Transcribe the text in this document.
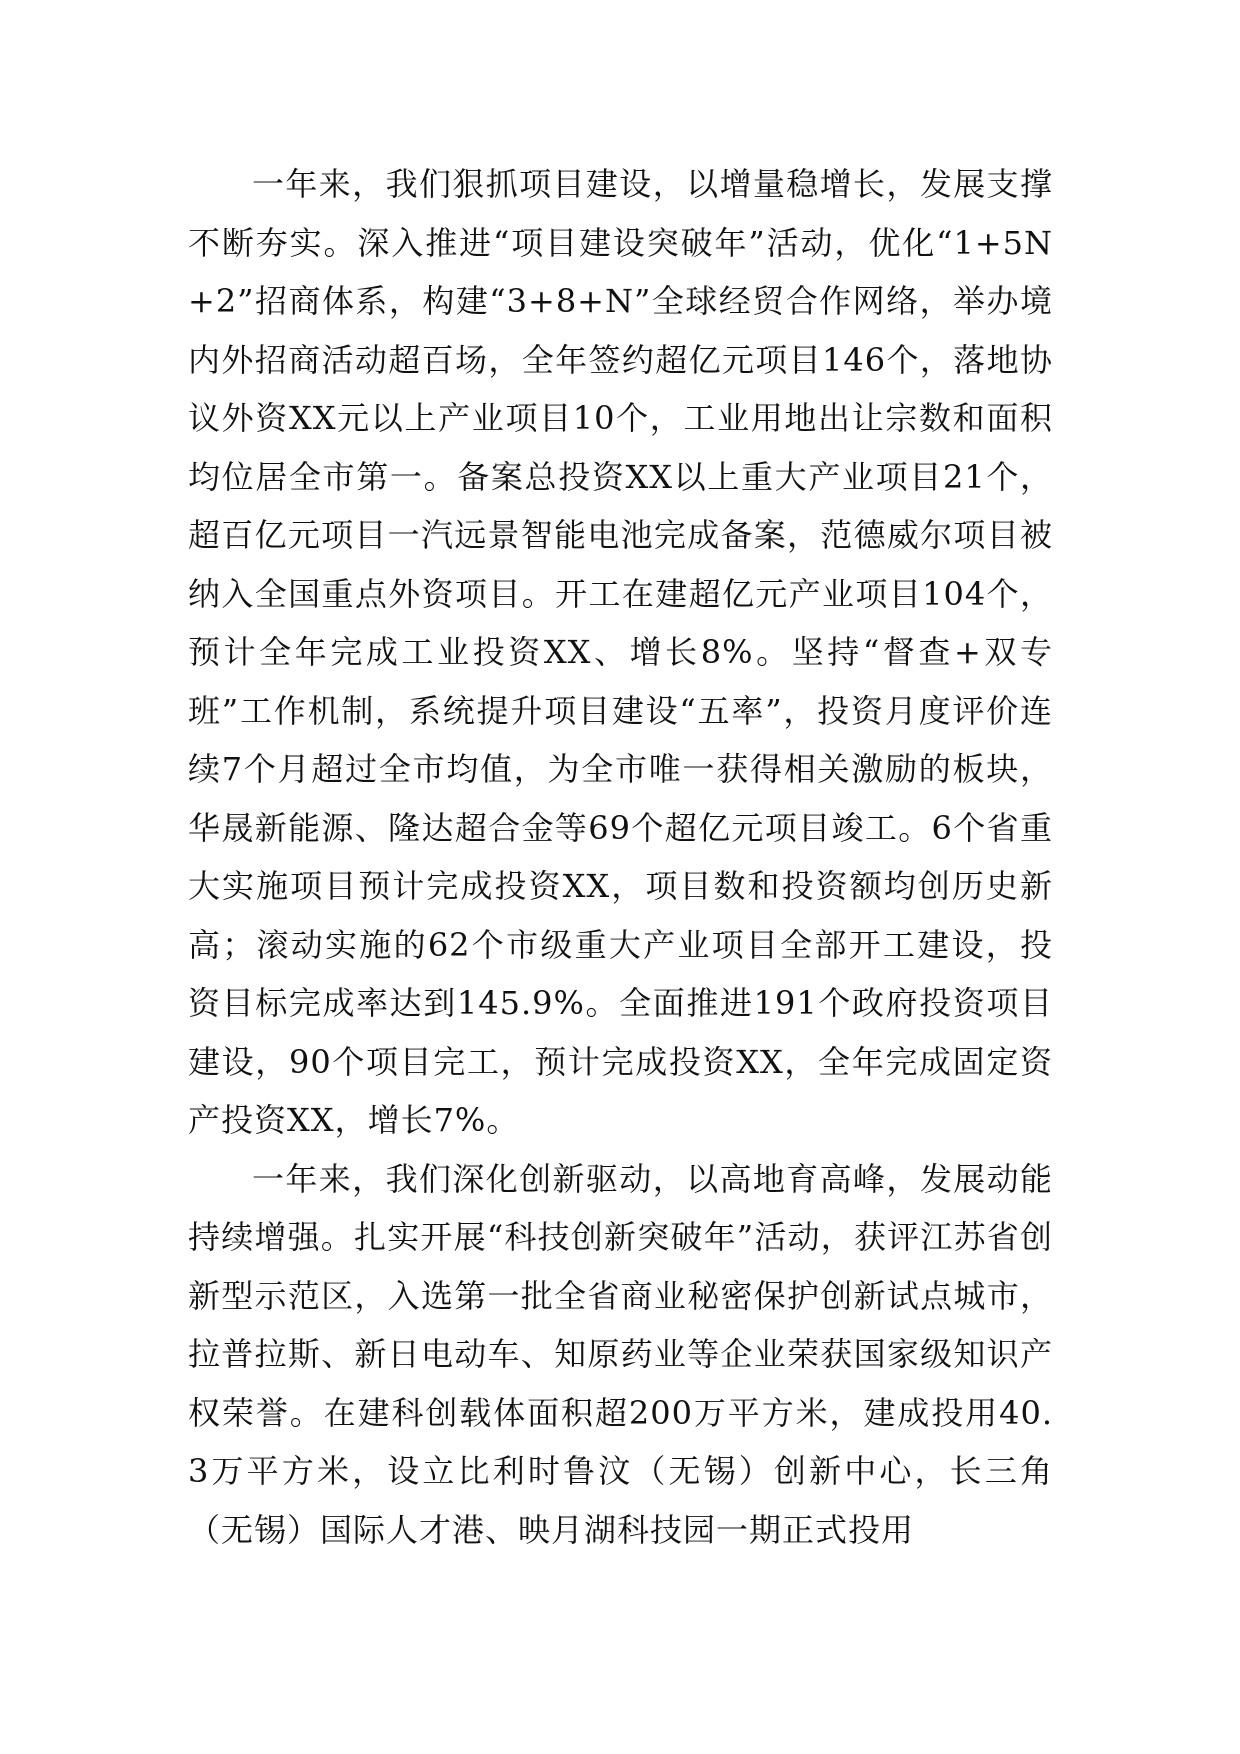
一年来，我们狠抓项目建设，以增量稳增长，发展支撑不断夯实。深入推进“项目建设突破年”活动，优化“1+5N+2”招商体系，构建“3+8+N”全球经贸合作网络，举办境内外招商活动超百场，全年签约超亿元项目146个，落地协议外资XX元以上产业项目10个，工业用地出让宗数和面积均位居全市第一。备案总投资XX以上重大产业项目21个，超百亿元项目一汽远景智能电池完成备案，范德威尔项目被纳入全国重点外资项目。开工在建超亿元产业项目104个，预计全年完成工业投资XX、增长8%。坚持“督查+双专班”工作机制，系统提升项目建设“五率”，投资月度评价连续7个月超过全市均值，为全市唯一获得相关激励的板块，华晟新能源、隆达超合金等69个超亿元项目竣工。6个省重大实施项目预计完成投资XX，项目数和投资额均创历史新高；滚动实施的62个市级重大产业项目全部开工建设，投资目标完成率达到145.9%。全面推进191个政府投资项目建设，90个项目完工，预计完成投资XX，全年完成固定资产投资XX，增长7%。

一年来，我们深化创新驱动，以高地育高峰，发展动能持续增强。扎实开展“科技创新突破年”活动，获评江苏省创新型示范区，入选第一批全省商业秘密保护创新试点城市，拉普拉斯、新日电动车、知原药业等企业荣获国家级知识产权荣誉。在建科创载体面积超200万平方米，建成投用40.3万平方米，设立比利时鲁汶（无锡）创新中心，长三角（无锡）国际人才港、映月湖科技园一期正式投用
